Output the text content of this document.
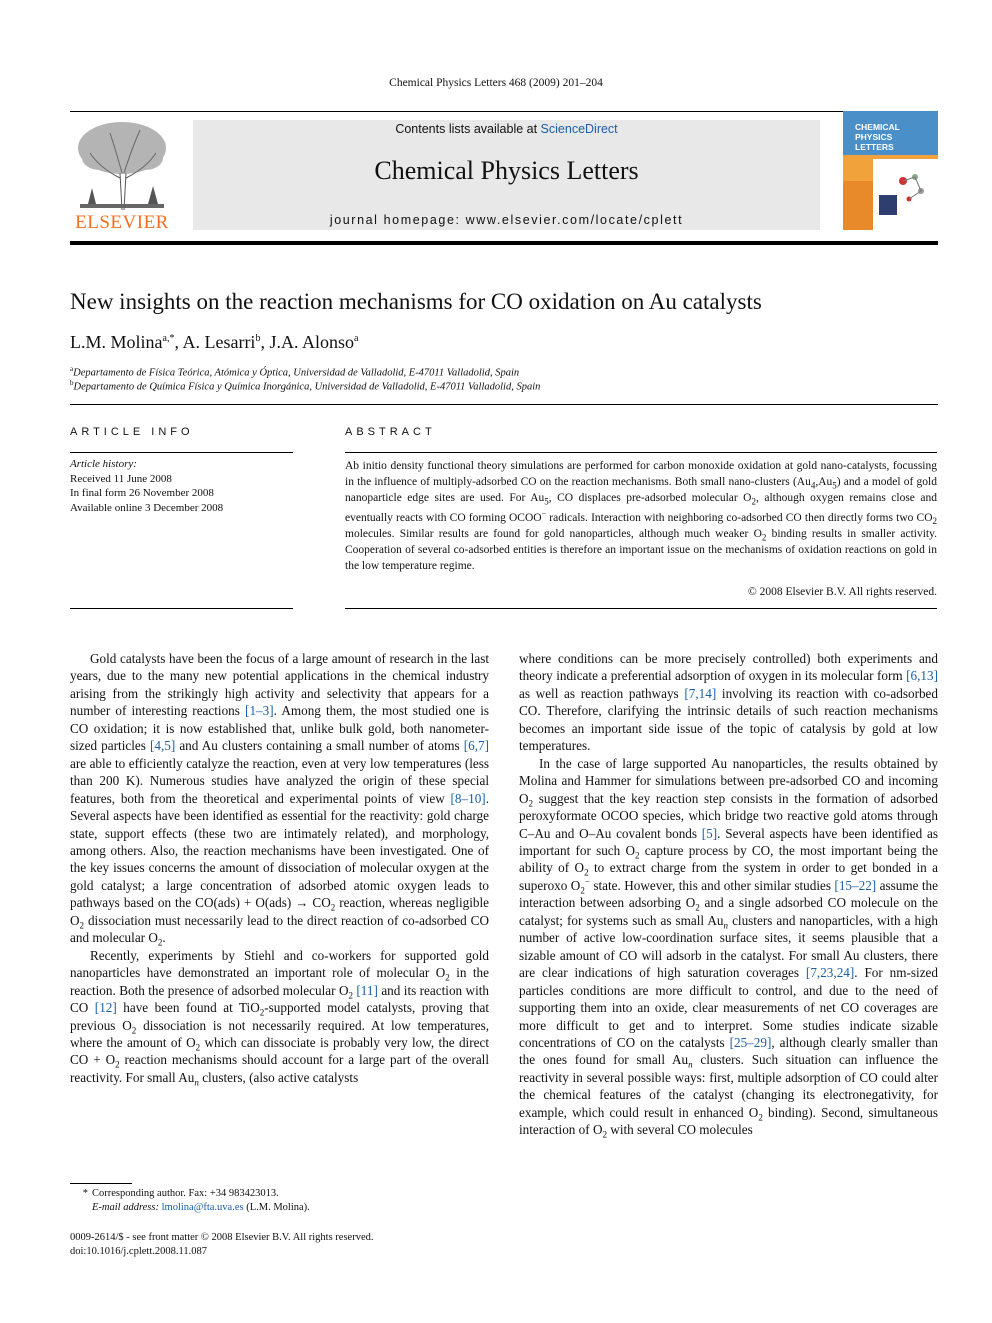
Chemical Physics Letters 468 (2009) 201–204
ELSEVIER
Contents lists available at ScienceDirect
Chemical Physics Letters
journal homepage: www.elsevier.com/locate/cplett
CHEMICAL
PHYSICS
LETTERS
New insights on the reaction mechanisms for CO oxidation on Au catalysts
L.M. Molina$^{a,*}$, A. Lesarri$^b$, J.A. Alonso$^a$
$^a$Departamento de Física Teórica, Atómica y Óptica, Universidad de Valladolid, E-47011 Valladolid, Spain
$^b$Departamento de Química Física y Química Inorgánica, Universidad de Valladolid, E-47011 Valladolid, Spain
ARTICLE INFO
Article history:
Received 11 June 2008
In final form 26 November 2008
Available online 3 December 2008
ABSTRACT
Ab initio density functional theory simulations are performed for carbon monoxide oxidation at gold nano-catalysts, focussing in the influence of multiply-adsorbed CO on the reaction mechanisms. Both small nano-clusters $(Au_4,Au_5)$ and a model of gold nanoparticle edge sites are used. For $Au_5$, CO displaces pre-adsorbed molecular $O_2$, although oxygen remains close and eventually reacts with CO forming OCOO− radicals. Interaction with neighboring co-adsorbed CO then directly forms two $CO_2$ molecules. Similar results are found for gold nanoparticles, although much weaker $O_2$ binding results in smaller activity. Cooperation of several co-adsorbed entities is therefore an important issue on the mechanisms of oxidation reactions on gold in the low temperature regime.
© 2008 Elsevier B.V. All rights reserved.

Gold catalysts have been the focus of a large amount of research in the last years, due to the many new potential applications in the chemical industry arising from the strikingly high activity and selectivity that appears for a number of interesting reactions [1–3]. Among them, the most studied one is CO oxidation; it is now established that, unlike bulk gold, both nanometer-sized particles [4,5] and Au clusters containing a small number of atoms [6,7] are able to efficiently catalyze the reaction, even at very low temperatures (less than 200 K). Numerous studies have analyzed the origin of these special features, both from the theoretical and experimental points of view [8–10]. Several aspects have been identified as essential for the reactivity: gold charge state, support effects (these two are intimately related), and morphology, among others. Also, the reaction mechanisms have been investigated. One of the key issues concerns the amount of dissociation of molecular oxygen at the gold catalyst; a large concentration of adsorbed atomic oxygen leads to pathways based on the $CO(ads) + O(ads) \to CO_2$ reaction, whereas negligible $O_2$ dissociation must necessarily lead to the direct reaction of co-adsorbed CO and molecular $O_2$.

Recently, experiments by Stiehl and co-workers for supported gold nanoparticles have demonstrated an important role of molecular $O_2$ in the reaction. Both the presence of adsorbed molecular $O_2$ [11] and its reaction with CO [12] have been found at TiO$_2$-supported model catalysts, proving that previous $O_2$ dissociation is not necessarily required. At low temperatures, where the amount of $O_2$ which can dissociate is probably very low, the direct CO + $O_2$ reaction mechanisms should account for a large part of the overall reactivity. For small $Au_n$ clusters, (also active catalysts

where conditions can be more precisely controlled) both experiments and theory indicate a preferential adsorption of oxygen in its molecular form [6,13] as well as reaction pathways [7,14] involving its reaction with co-adsorbed CO. Therefore, clarifying the intrinsic details of such reaction mechanisms becomes an important side issue of the topic of catalysis by gold at low temperatures.

In the case of large supported Au nanoparticles, the results obtained by Molina and Hammer for simulations between pre-adsorbed CO and incoming $O_2$ suggest that the key reaction step consists in the formation of adsorbed peroxyformate OCOO species, which bridge two reactive gold atoms through C–Au and O–Au covalent bonds [5]. Several aspects have been identified as important for such $O_2$ capture process by CO, the most important being the ability of $O_2$ to extract charge from the system in order to get bonded in a superoxo $O_2^-$ state. However, this and other similar studies [15–22] assume the interaction between adsorbing $O_2$ and a single adsorbed CO molecule on the catalyst; for systems such as small $Au_n$ clusters and nanoparticles, with a high number of active low-coordination surface sites, it seems plausible that a sizable amount of CO will adsorb in the catalyst. For small Au clusters, there are clear indications of high saturation coverages [7,23,24]. For nm-sized particles conditions are more difficult to control, and due to the need of supporting them into an oxide, clear measurements of net CO coverages are more difficult to get and to interpret. Some studies indicate sizable concentrations of CO on the catalysts [25–29], although clearly smaller than the ones found for small $Au_n$ clusters. Such situation can influence the reactivity in several possible ways: first, multiple adsorption of CO could alter the chemical features of the catalyst (changing its electronegativity, for example, which could result in enhanced $O_2$ binding). Second, simultaneous interaction of $O_2$ with several CO molecules

* Corresponding author. Fax: +34 983423013.
E-mail address: lmolina@fta.uva.es (L.M. Molina).
0009-2614/$ - see front matter © 2008 Elsevier B.V. All rights reserved.
doi:10.1016/j.cplett.2008.11.087
